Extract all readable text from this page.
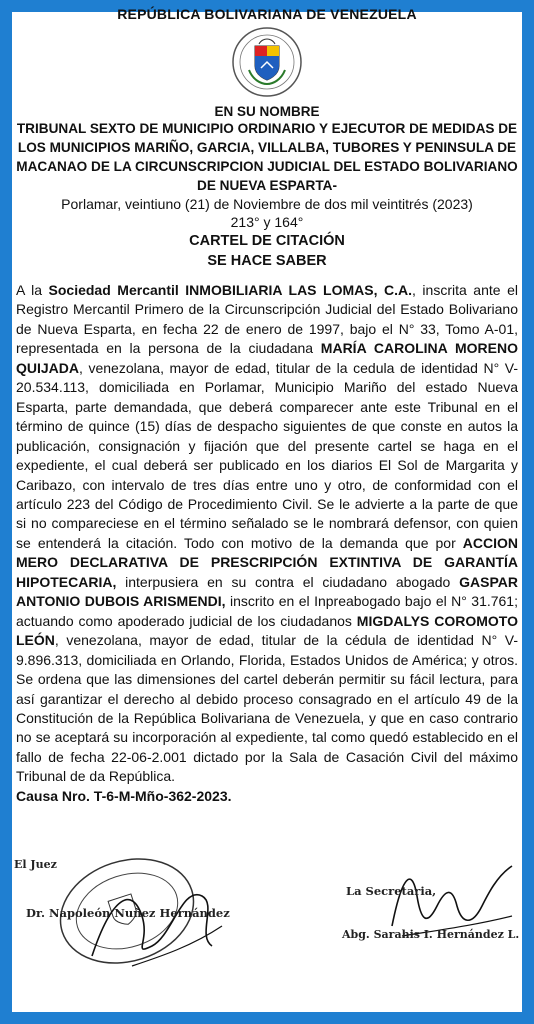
REPÚBLICA BOLIVARIANA DE VENEZUELA
EN SU NOMBRE
TRIBUNAL SEXTO DE MUNICIPIO ORDINARIO Y EJECUTOR DE MEDIDAS DE LOS MUNICIPIOS MARIÑO, GARCIA, VILLALBA, TUBORES Y PENINSULA DE MACANAO DE LA CIRCUNSCRIPCION JUDICIAL DEL ESTADO BOLIVARIANO DE NUEVA ESPARTA-
Porlamar, veintiuno (21) de Noviembre de dos mil veintitrés (2023)
213° y 164°
CARTEL DE CITACIÓN
SE HACE SABER
A la Sociedad Mercantil INMOBILIARIA LAS LOMAS, C.A., inscrita ante el Registro Mercantil Primero de la Circunscripción Judicial del Estado Bolivariano de Nueva Esparta, en fecha 22 de enero de 1997, bajo el N° 33, Tomo A-01, representada en la persona de la ciudadana MARÍA CAROLINA MORENO QUIJADA, venezolana, mayor de edad, titular de la cedula de identidad N° V-20.534.113, domiciliada en Porlamar, Municipio Mariño del estado Nueva Esparta, parte demandada, que deberá comparecer ante este Tribunal en el término de quince (15) días de despacho siguientes de que conste en autos la publicación, consignación y fijación que del presente cartel se haga en el expediente, el cual deberá ser publicado en los diarios El Sol de Margarita y Caribazo, con intervalo de tres días entre uno y otro, de conformidad con el artículo 223 del Código de Procedimiento Civil. Se le advierte a la parte de que si no compareciese en el término señalado se le nombrará defensor, con quien se entenderá la citación. Todo con motivo de la demanda que por ACCION MERO DECLARATIVA DE PRESCRIPCIÓN EXTINTIVA DE GARANTÍA HIPOTECARIA, interpusiera en su contra el ciudadano abogado GASPAR ANTONIO DUBOIS ARISMENDI, inscrito en el Inpreabogado bajo el N° 31.761; actuando como apoderado judicial de los ciudadanos MIGDALYS COROMOTO LEÓN, venezolana, mayor de edad, titular de la cédula de identidad N° V-9.896.313, domiciliada en Orlando, Florida, Estados Unidos de América; y otros. Se ordena que las dimensiones del cartel deberán permitir su fácil lectura, para así garantizar el derecho al debido proceso consagrado en el artículo 49 de la Constitución de la República Bolivariana de Venezuela, y que en caso contrario no se aceptará su incorporación al expediente, tal como quedó establecido en el fallo de fecha 22-06-2.001 dictado por la Sala de Casación Civil del máximo Tribunal de da República.
Causa Nro. T-6-M-Mño-362-2023.
El Juez
Dr. Napoleón Nuñez Hernández
La Secretaria,
Abg. Sarahis I. Hernández L.
